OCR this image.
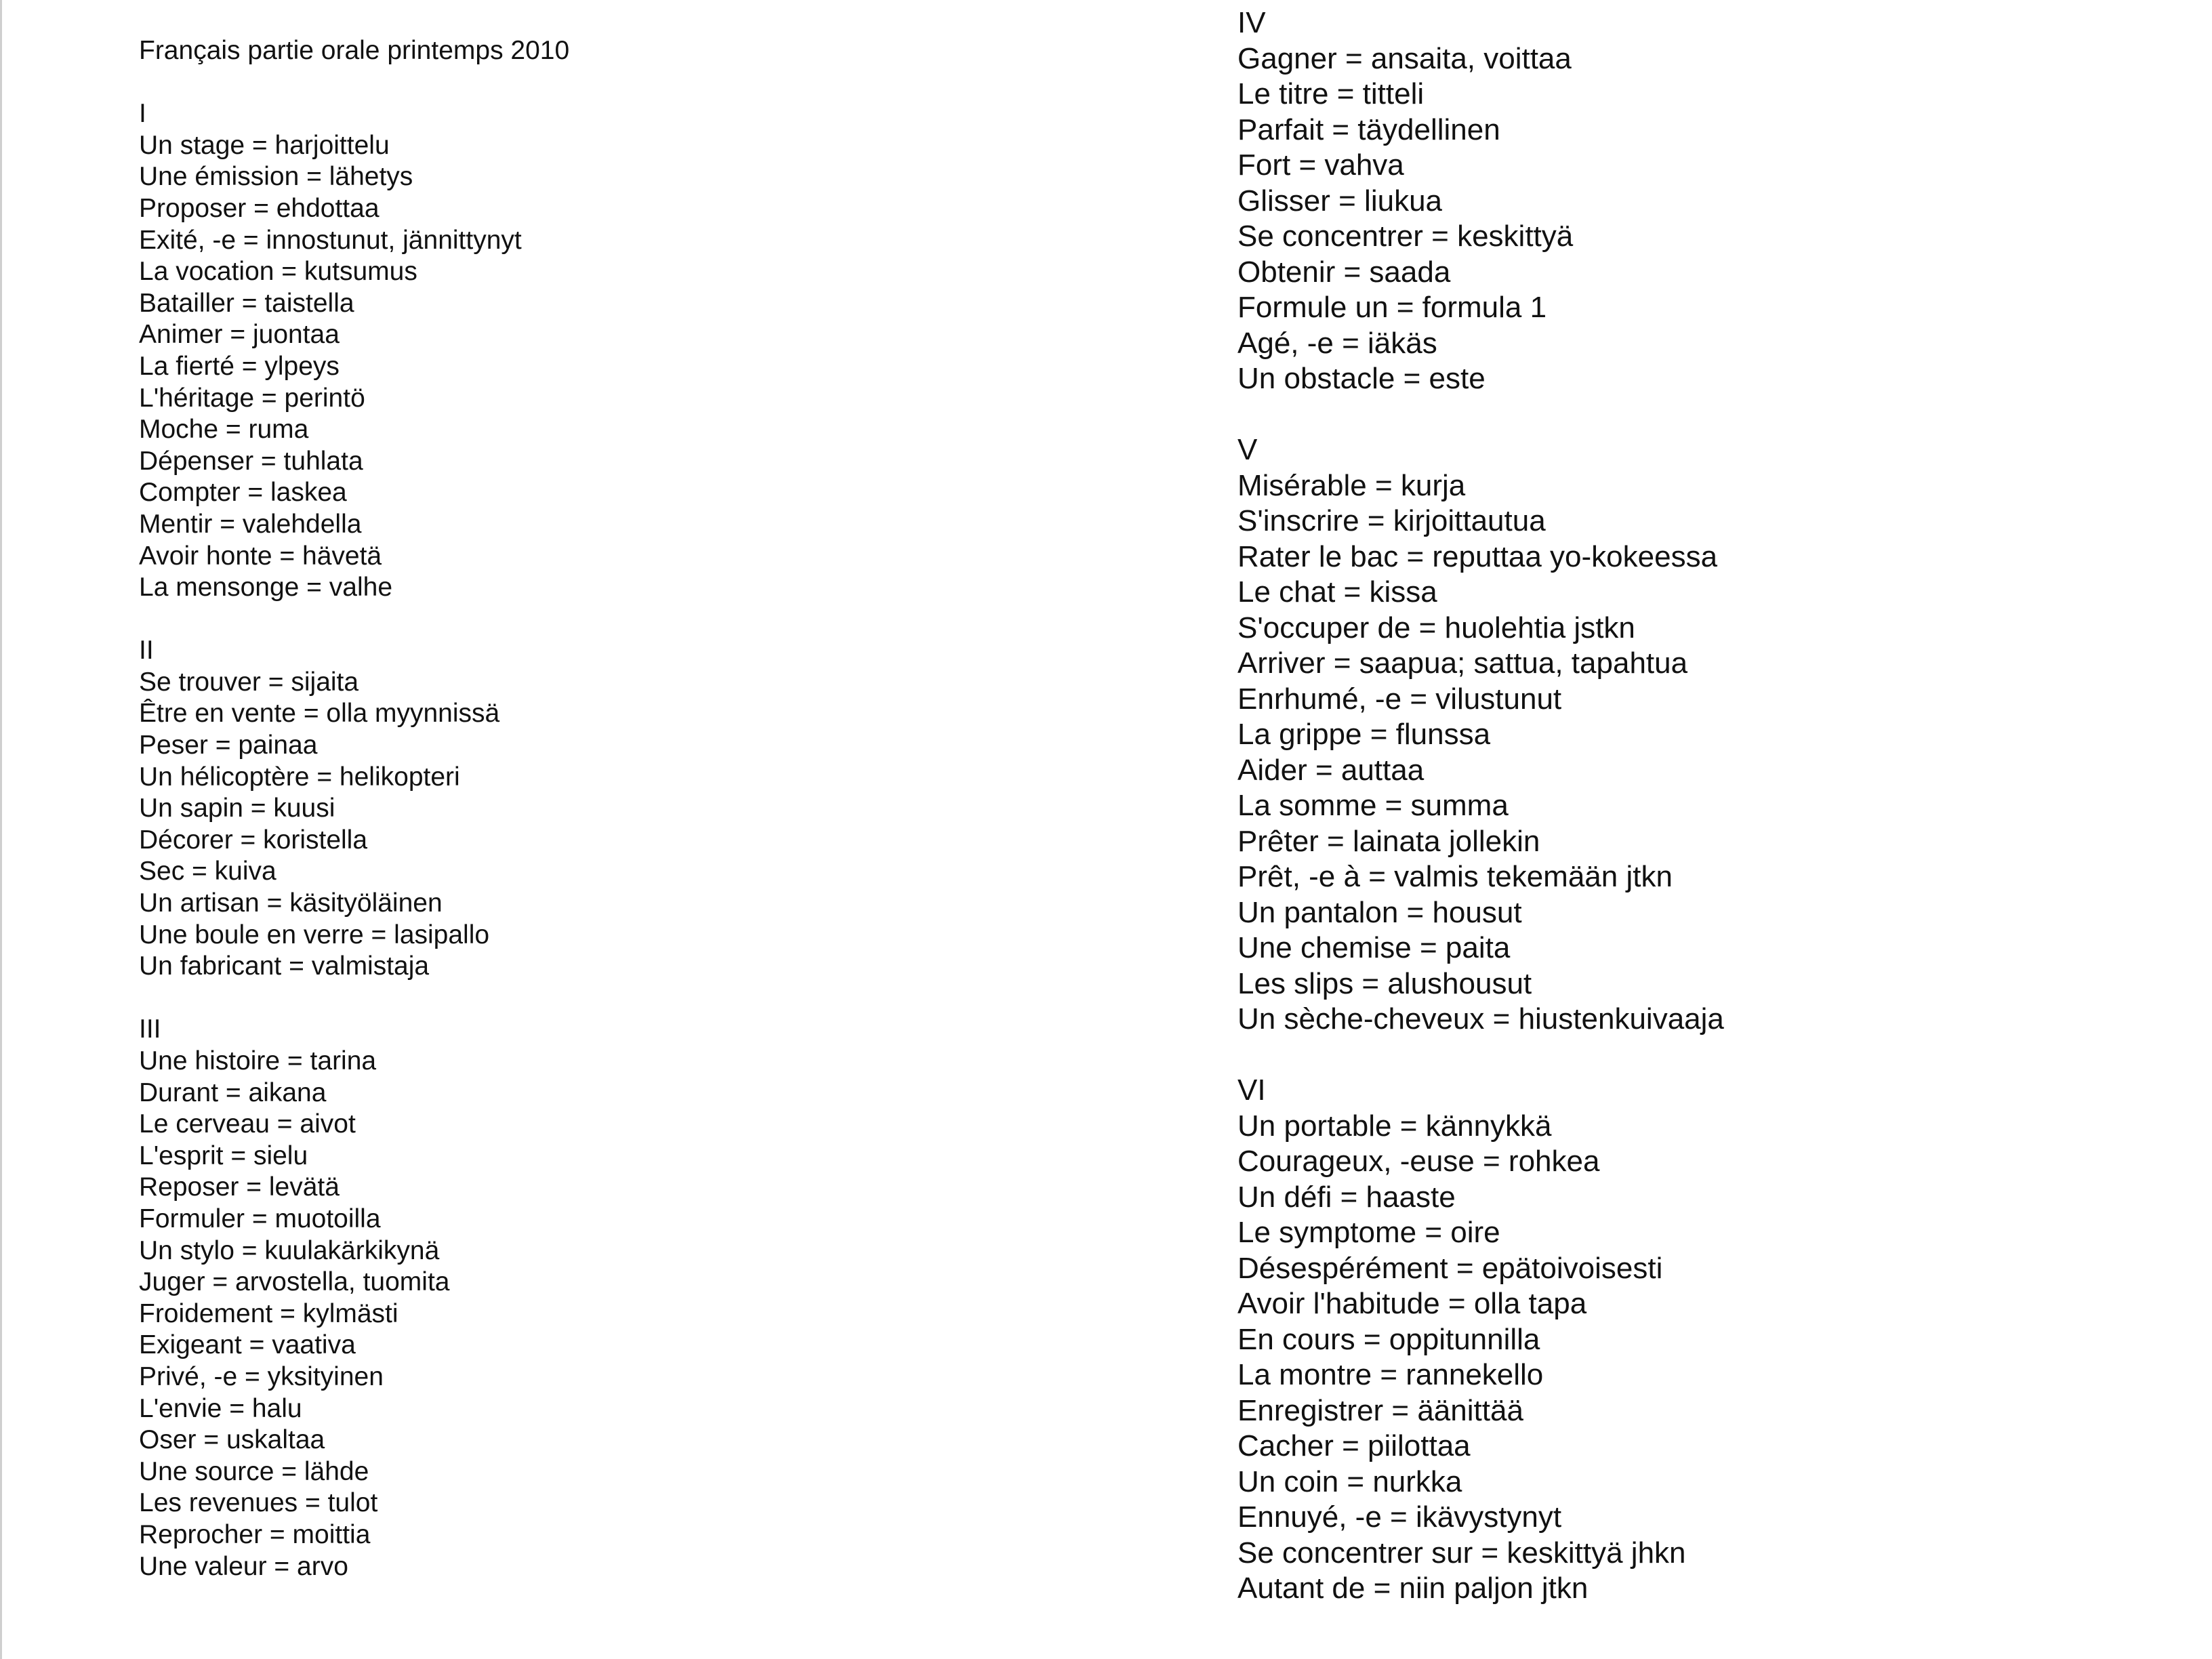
Français partie orale printemps 2010
I
Un stage = harjoittelu
Une émission = lähetys
Proposer = ehdottaa
Exité, -e = innostunut, jännittynyt
La vocation = kutsumus
Batailler = taistella
Animer = juontaa
La fierté = ylpeys
L'héritage = perintö
Moche = ruma
Dépenser = tuhlata
Compter = laskea
Mentir = valehdella
Avoir honte = hävetä
La mensonge = valhe
II
Se trouver = sijaita
Être en vente = olla myynnissä
Peser = painaa
Un hélicoptère = helikopteri
Un sapin = kuusi
Décorer = koristella
Sec = kuiva
Un artisan = käsityöläinen
Une boule en verre = lasipallo
Un fabricant = valmistaja
III
Une histoire = tarina
Durant = aikana
Le cerveau = aivot
L'esprit = sielu
Reposer = levätä
Formuler = muotoilla
Un stylo = kuulakärkikynä
Juger = arvostella, tuomita
Froidement = kylmästi
Exigeant = vaativa
Privé, -e = yksityinen
L'envie = halu
Oser = uskaltaa
Une source = lähde
Les revenues = tulot
Reprocher = moittia
Une valeur = arvo
IV
Gagner = ansaita, voittaa
Le titre = titteli
Parfait = täydellinen
Fort = vahva
Glisser = liukua
Se concentrer = keskittyä
Obtenir = saada
Formule un = formula 1
Agé, -e = iäkäs
Un obstacle = este
V
Misérable = kurja
S'inscrire = kirjoittautua
Rater le bac = reputtaa yo-kokeessa
Le chat = kissa
S'occuper de = huolehtia jstkn
Arriver = saapua; sattua, tapahtua
Enrhumé, -e = vilustunut
La grippe = flunssa
Aider = auttaa
La somme = summa
Prêter = lainata jollekin
Prêt, -e à = valmis tekemään jtkn
Un pantalon = housut
Une chemise = paita
Les slips = alushousut
Un sèche-cheveux = hiustenkuivaaja
VI
Un portable = kännykkä
Courageux, -euse = rohkea
Un défi = haaste
Le symptome = oire
Désespérément = epätoivoisesti
Avoir l'habitude = olla tapa
En cours = oppitunnilla
La montre = rannekello
Enregistrer = äänittää
Cacher = piilottaa
Un coin = nurkka
Ennuyé, -e = ikävystynyt
Se concentrer sur = keskittyä jhkn
Autant de = niin paljon jtkn
